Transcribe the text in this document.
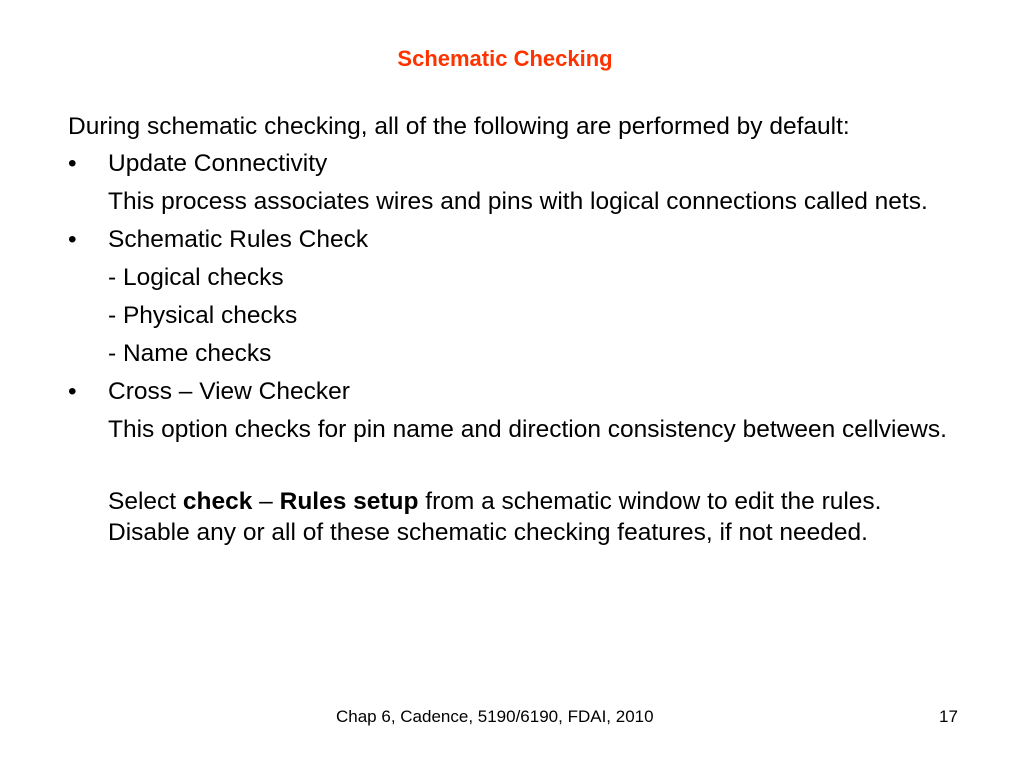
Schematic Checking

During schematic checking, all of the following are performed by default:

•	Update Connectivity

This process associates wires and pins with logical connections called nets.

•	Schematic Rules Check

- Logical checks

- Physical checks

- Name checks

•	Cross – View Checker

This option checks for pin name and direction consistency between cellviews.

Select check – Rules setup from a schematic window to edit the rules. Disable any or all of these schematic checking features, if not needed.

Chap 6, Cadence, 5190/6190, FDAI, 2010	17
